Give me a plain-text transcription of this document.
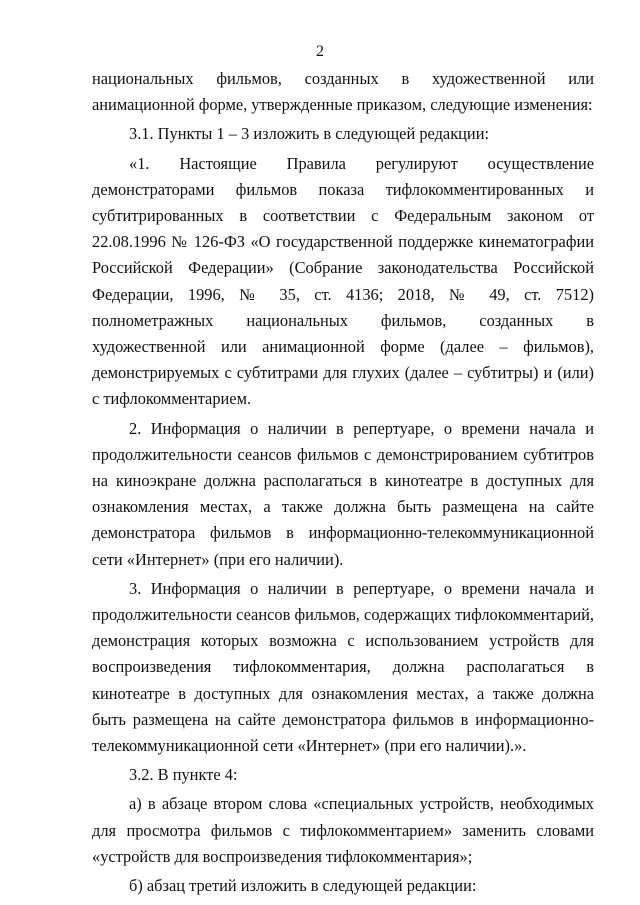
2

национальных фильмов, созданных в художественной или анимационной форме, утвержденные приказом, следующие изменения:

3.1. Пункты 1 – 3 изложить в следующей редакции:

«1. Настоящие Правила регулируют осуществление демонстраторами фильмов показа тифлокомментированных и субтитрированных в соответствии с Федеральным законом от 22.08.1996 № 126-ФЗ «О государственной поддержке кинематографии Российской Федерации» (Собрание законодательства Российской Федерации, 1996, № 35, ст. 4136; 2018, № 49, ст. 7512) полнометражных национальных фильмов, созданных в художественной или анимационной форме (далее – фильмов), демонстрируемых с субтитрами для глухих (далее – субтитры) и (или) с тифлокомментарием.

2. Информация о наличии в репертуаре, о времени начала и продолжительности сеансов фильмов с демонстрированием субтитров на киноэкране должна располагаться в кинотеатре в доступных для ознакомления местах, а также должна быть размещена на сайте демонстратора фильмов в информационно-телекоммуникационной сети «Интернет» (при его наличии).

3. Информация о наличии в репертуаре, о времени начала и продолжительности сеансов фильмов, содержащих тифлокомментарий, демонстрация которых возможна с использованием устройств для воспроизведения тифлокомментария, должна располагаться в кинотеатре в доступных для ознакомления местах, а также должна быть размещена на сайте демонстратора фильмов в информационно-телекоммуникационной сети «Интернет» (при его наличии).».

3.2. В пункте 4:

а) в абзаце втором слова «специальных устройств, необходимых для просмотра фильмов с тифлокомментарием» заменить словами «устройств для воспроизведения тифлокомментария»;

б) абзац третий изложить в следующей редакции:
